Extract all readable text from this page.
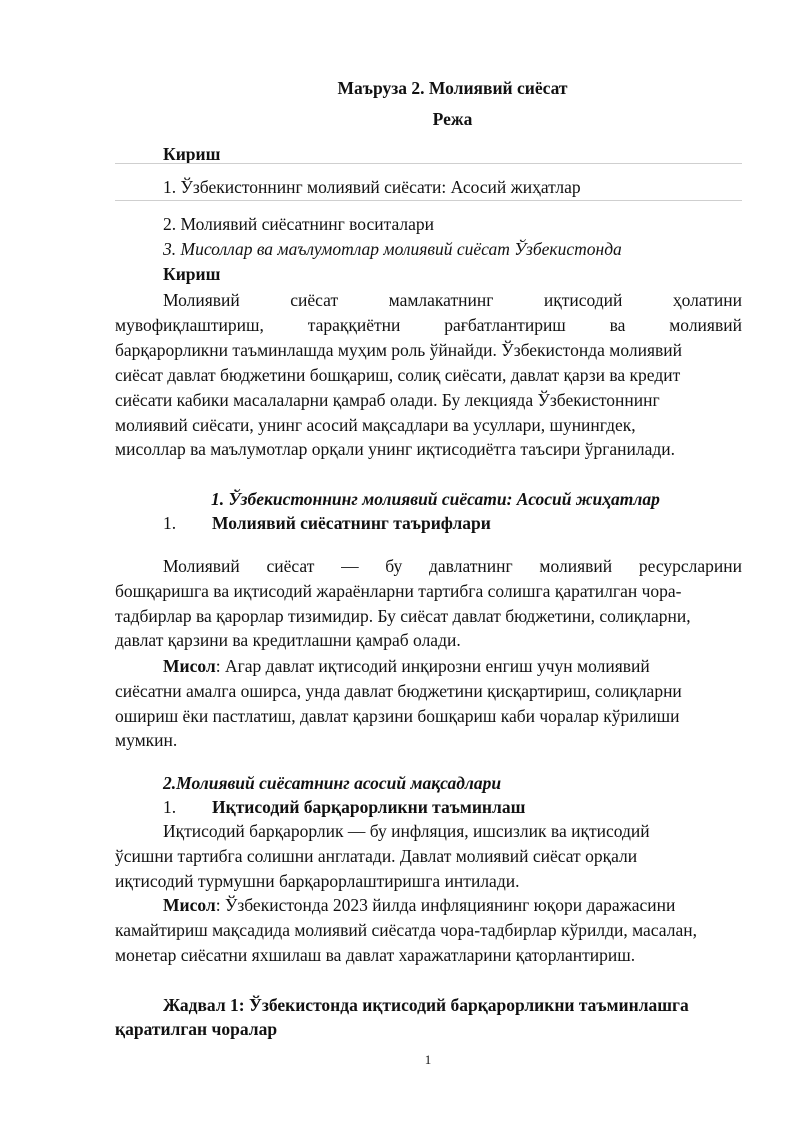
Маъруза 2. Молиявий сиёсат
Режа
Кириш
1. Ўзбекистоннинг молиявий сиёсати: Асосий жиҳатлар
2. Молиявий сиёсатнинг воситалари
3. Мисоллар ва маълумотлар молиявий сиёсат Ўзбекистонда
Кириш
Молиявий	сиёсат	мамлакатнинг	иқтисодий	ҳолатини
мувофиқлаштириш,	тараққиётни	рағбатлантириш	ва	молиявий
барқарорликни таъминлашда муҳим роль ўйнайди. Ўзбекистонда молиявий
сиёсат давлат бюджетини бошқариш, солиқ сиёсати, давлат қарзи ва кредит
сиёсати кабики масалаларни қамраб олади. Бу лекцияда Ўзбекистоннинг
молиявий сиёсати, унинг асосий мақсадлари ва усуллари, шунингдек,
мисоллар ва маълумотлар орқали унинг иқтисодиётга таъсири ўрганилади.
1. Ўзбекистоннинг молиявий сиёсати: Асосий жиҳатлар
1. Молиявий сиёсатнинг таърифлари
Молиявий сиёсат — бу давлатнинг молиявий ресурсларини
бошқаришга ва иқтисодий жараёнларни тартибга солишга қаратилган чора-
тадбирлар ва қарорлар тизимидир. Бу сиёсат давлат бюджетини, солиқларни,
давлат қарзини ва кредитлашни қамраб олади.
Мисол: Агар давлат иқтисодий инқирозни енгиш учун молиявий
сиёсатни амалга оширса, унда давлат бюджетини қисқартириш, солиқларни
ошириш ёки пастлатиш, давлат қарзини бошқариш каби чоралар кўрилиши
мумкин.
2.Молиявий сиёсатнинг асосий мақсадлари
1. Иқтисодий барқарорликни таъминлаш
Иқтисодий барқарорлик — бу инфляция, ишсизлик ва иқтисодий
ўсишни тартибга солишни англатади. Давлат молиявий сиёсат орқали
иқтисодий турмушни барқарорлаштиришга интилади.
Мисол: Ўзбекистонда 2023 йилда инфляциянинг юқори даражасини
камайтириш мақсадида молиявий сиёсатда чора-тадбирлар кўрилди, масалан,
монетар сиёсатни яхшилаш ва давлат харажатларини қаторлантириш.
Жадвал 1: Ўзбекистонда иқтисодий барқарорликни таъминлашга
қаратилган чоралар
1
